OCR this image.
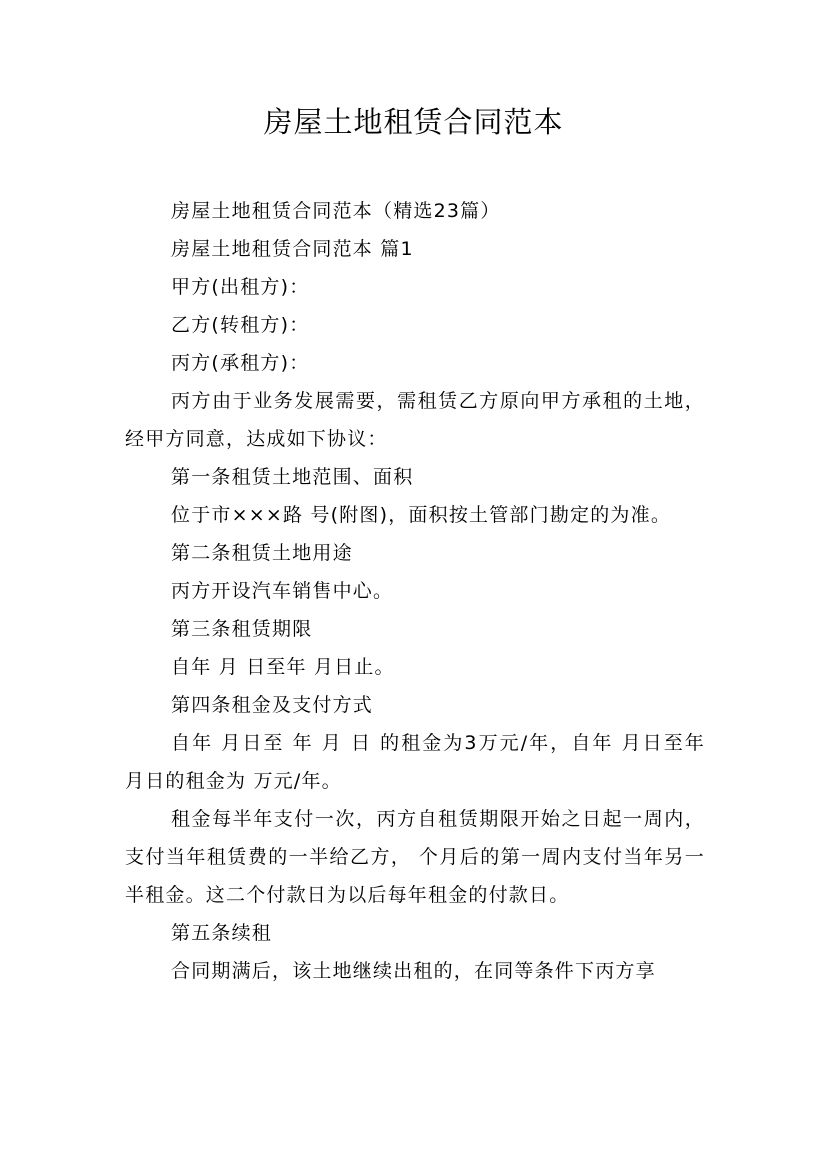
房屋土地租赁合同范本

房屋土地租赁合同范本（精选23篇）

房屋土地租赁合同范本 篇1

甲方(出租方)：

乙方(转租方)：

丙方(承租方)：

丙方由于业务发展需要，需租赁乙方原向甲方承租的土地，经甲方同意，达成如下协议：

第一条租赁土地范围、面积

位于市×××路 号(附图)，面积按土管部门勘定的为准。

第二条租赁土地用途

丙方开设汽车销售中心。

第三条租赁期限

自年 月 日至年 月日止。

第四条租金及支付方式

自年 月日至 年 月 日 的租金为3万元/年，自年 月日至年 月日的租金为 万元/年。

租金每半年支付一次，丙方自租赁期限开始之日起一周内，支付当年租赁费的一半给乙方， 个月后的第一周内支付当年另一半租金。这二个付款日为以后每年租金的付款日。

第五条续租

合同期满后，该土地继续出租的，在同等条件下丙方享
